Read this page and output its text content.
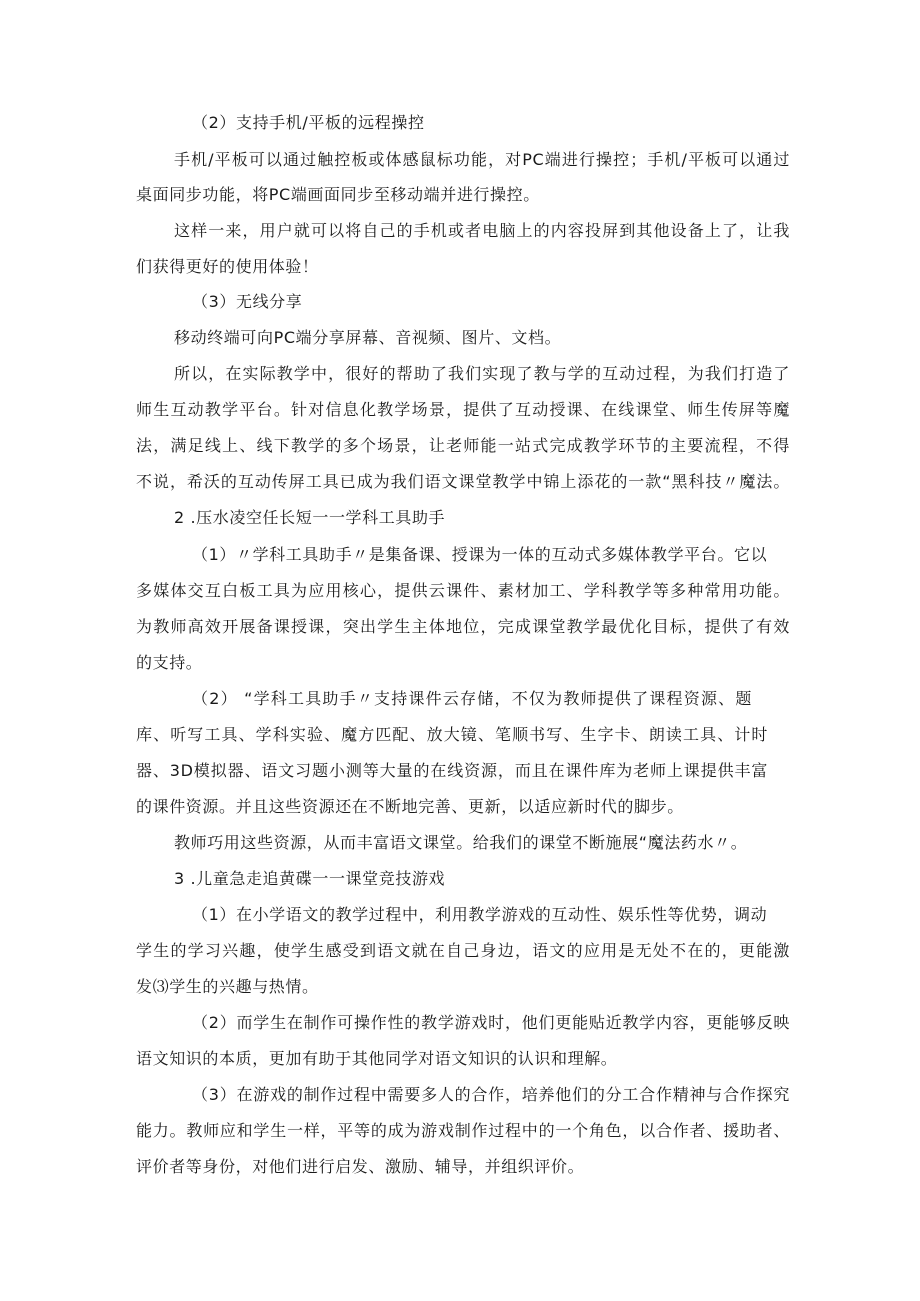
（2）支持手机/平板的远程操控
手机/平板可以通过触控板或体感鼠标功能，对PC端进行操控；手机/平板可以通过
桌面同步功能，将PC端画面同步至移动端并进行操控。
这样一来，用户就可以将自己的手机或者电脑上的内容投屏到其他设备上了，让我
们获得更好的使用体验！
（3）无线分享
移动终端可向PC端分享屏幕、音视频、图片、文档。
所以，在实际教学中，很好的帮助了我们实现了教与学的互动过程，为我们打造了
师生互动教学平台。针对信息化教学场景，提供了互动授课、在线课堂、师生传屏等魔
法，满足线上、线下教学的多个场景，让老师能一站式完成教学环节的主要流程，不得
不说，希沃的互动传屏工具已成为我们语文课堂教学中锦上添花的一款“黑科技〃魔法。
2 .压水凌空任长短一一学科工具助手
（1）〃学科工具助手〃是集备课、授课为一体的互动式多媒体教学平台。它以
多媒体交互白板工具为应用核心，提供云课件、素材加工、学科教学等多种常用功能。
为教师高效开展备课授课，突出学生主体地位，完成课堂教学最优化目标，提供了有效
的支持。
（2） “学科工具助手〃支持课件云存储，不仅为教师提供了课程资源、题
库、听写工具、学科实验、魔方匹配、放大镜、笔顺书写、生字卡、朗读工具、计时
器、3D模拟器、语文习题小测等大量的在线资源，而且在课件库为老师上课提供丰富
的课件资源。并且这些资源还在不断地完善、更新，以适应新时代的脚步。
教师巧用这些资源，从而丰富语文课堂。给我们的课堂不断施展“魔法药水〃。
3 .儿童急走追黄碟一一课堂竞技游戏
（1）在小学语文的教学过程中，利用教学游戏的互动性、娱乐性等优势，调动
学生的学习兴趣，使学生感受到语文就在自己身边，语文的应用是无处不在的，更能激
发⑶学生的兴趣与热情。
（2）而学生在制作可操作性的教学游戏时，他们更能贴近教学内容，更能够反映
语文知识的本质，更加有助于其他同学对语文知识的认识和理解。
（3）在游戏的制作过程中需要多人的合作，培养他们的分工合作精神与合作探究
能力。教师应和学生一样，平等的成为游戏制作过程中的一个角色，以合作者、援助者、
评价者等身份，对他们进行启发、激励、辅导，并组织评价。
